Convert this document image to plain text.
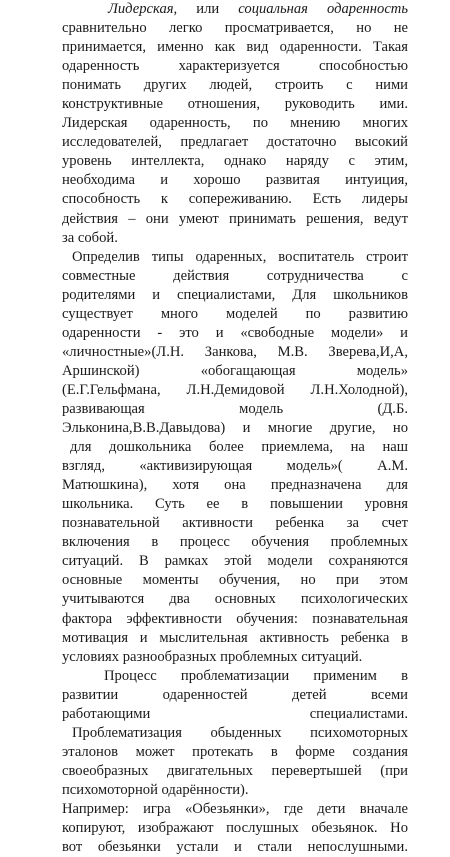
Лидерская, или социальная одаренность
сравнительно легко просматривается, но не
принимается, именно как вид одаренности. Такая
одаренность характеризуется способностью
понимать других людей, строить с ними
конструктивные отношения, руководить ими.
Лидерская одаренность, по мнению многих
исследователей, предлагает достаточно высокий
уровень интеллекта, однако наряду с этим,
необходима и хорошо развитая интуиция,
способность к сопереживанию. Есть лидеры
действия – они умеют принимать решения, ведут
за собой.
Определив типы одаренных, воспитатель строит
совместные действия сотрудничества с
родителями и специалистами, Для школьников
существует много моделей по развитию
одаренности - это и «свободные модели» и
«личностные»(Л.Н. Занкова, М.В. Зверева,И,А,
Аршинской) «обогащающая модель»
(Е.Г.Гельфмана, Л.Н.Демидовой Л.Н.Холодной),
развивающая модель (Д.Б.
Эльконина,В.В.Давыдова) и многие другие, но
для дошкольника более приемлема, на наш
взгляд, «активизирующая модель»( А.М.
Матюшкина), хотя она предназначена для
школьника. Суть ее в повышении уровня
познавательной активности ребенка за счет
включения в процесс обучения проблемных
ситуаций. В рамках этой модели сохраняются
основные моменты обучения, но при этом
учитываются два основных психологических
фактора эффективности обучения: познавательная
мотивация и мыслительная активность ребенка в
условиях разнообразных проблемных ситуаций.
Процесс проблематизации применим в
развитии одаренностей детей всеми
работающими специалистами.
Проблематизация обыденных психомоторных
эталонов может протекать в форме создания
своеобразных двигательных перевертышей (при
психомоторной одарённости).
Например: игра «Обезьянки», где дети вначале
копируют, изображают послушных обезьянок. Но
вот обезьянки устали и стали непослушными.
